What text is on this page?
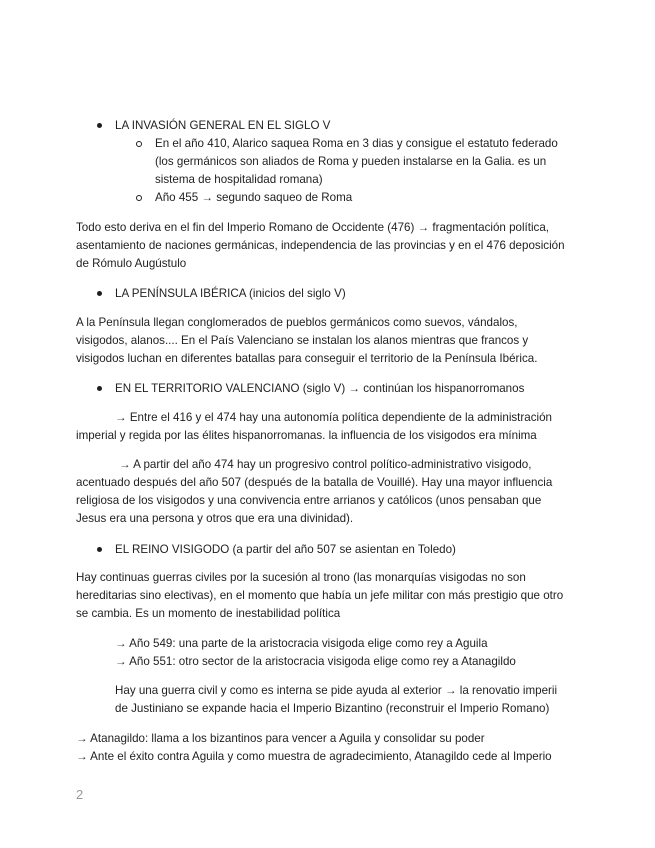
LA INVASIÓN GENERAL EN EL SIGLO V
En el año 410, Alarico saquea Roma en 3 dias y consigue el estatuto federado
(los germánicos son aliados de Roma y pueden instalarse en la Galia. es un
sistema de hospitalidad romana)
Año 455 → segundo saqueo de Roma
Todo esto deriva en el fin del Imperio Romano de Occidente (476) → fragmentación política,
asentamiento de naciones germánicas, independencia de las provincias y en el 476 deposición
de Rómulo Augústulo
LA PENÍNSULA IBÉRICA (inicios del siglo V)
A la Península llegan conglomerados de pueblos germánicos como suevos, vándalos,
visigodos, alanos.... En el País Valenciano se instalan los alanos mientras que francos y
visigodos luchan en diferentes batallas para conseguir el territorio de la Península Ibérica.
EN EL TERRITORIO VALENCIANO (siglo V) → continúan los hispanorromanos
→ Entre el 416 y el 474 hay una autonomía política dependiente de la administración
imperial y regida por las élites hispanorromanas. la influencia de los visigodos era mínima
→ A partir del año 474 hay un progresivo control político-administrativo visigodo,
acentuado después del año 507 (después de la batalla de Vouillé). Hay una mayor influencia
religiosa de los visigodos y una convivencia entre arrianos y católicos (unos pensaban que
Jesus era una persona y otros que era una divinidad).
EL REINO VISIGODO (a partir del año 507 se asientan en Toledo)
Hay continuas guerras civiles por la sucesión al trono (las monarquías visigodas no son
hereditarias sino electivas), en el momento que había un jefe militar con más prestigio que otro
se cambia. Es un momento de inestabilidad política
→ Año 549: una parte de la aristocracia visigoda elige como rey a Aguila
→ Año 551: otro sector de la aristocracia visigoda elige como rey a Atanagildo
Hay una guerra civil y como es interna se pide ayuda al exterior → la renovatio imperii
de Justiniano se expande hacia el Imperio Bizantino (reconstruir el Imperio Romano)
→ Atanagildo: llama a los bizantinos para vencer a Aguila y consolidar su poder
→ Ante el éxito contra Aguila y como muestra de agradecimiento, Atanagildo cede al Imperio
2
